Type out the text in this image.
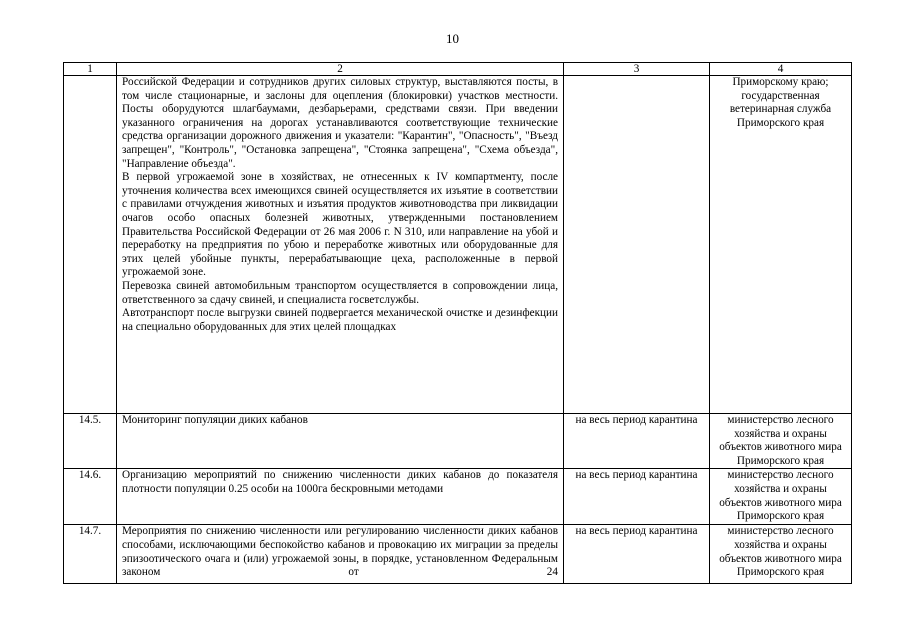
10
1	2	3	4

	Российской Федерации и сотрудников других силовых структур, выставляются посты, в том числе стационарные, и заслоны для оцепления (блокировки) участков местности. Посты оборудуются шлагбаумами, дезбарьерами, средствами связи. При введении указанного ограничения на дорогах устанавливаются соответствующие технические средства организации дорожного движения и указатели: "Карантин", "Опасность", "Въезд запрещен", "Контроль", "Остановка запрещена", "Стоянка запрещена", "Схема объезда", "Направление объезда".

В первой угрожаемой зоне в хозяйствах, не отнесенных к IV компартменту, после уточнения количества всех имеющихся свиней осуществляется их изъятие в соответствии с правилами отчуждения животных и изъятия продуктов животноводства при ликвидации очагов особо опасных болезней животных, утвержденными постановлением Правительства Российской Федерации от 26 мая 2006 г. N 310, или направление на убой и переработку на предприятия по убою и переработке животных или оборудованные для этих целей убойные пункты, перерабатывающие цеха, расположенные в первой угрожаемой зоне.

Перевозка свиней автомобильным транспортом осуществляется в сопровождении лица, ответственного за сдачу свиней, и специалиста госветслужбы.

Автотранспорт после выгрузки свиней подвергается механической очистке и дезинфекции на специально оборудованных для этих целей площадках		Приморскому краю; государственная ветеринарная служба Приморского края
14.5.	Мониторинг популяции диких кабанов	на весь период карантина	министерство лесного хозяйства и охраны объектов животного мира Приморского края
14.6.	Организацию мероприятий по снижению численности диких кабанов до показателя плотности популяции 0.25 особи на 1000га бескровными методами	на весь период карантина	министерство лесного хозяйства и охраны объектов животного мира Приморского края
14.7.	Мероприятия по снижению численности или регулированию численности диких кабанов способами, исключающими беспокойство кабанов и провокацию их миграции за пределы эпизоотического очага и (или) угрожаемой зоны, в порядке, установленном Федеральным законом от 24	на весь период карантина	министерство лесного хозяйства и охраны объектов животного мира Приморского края
